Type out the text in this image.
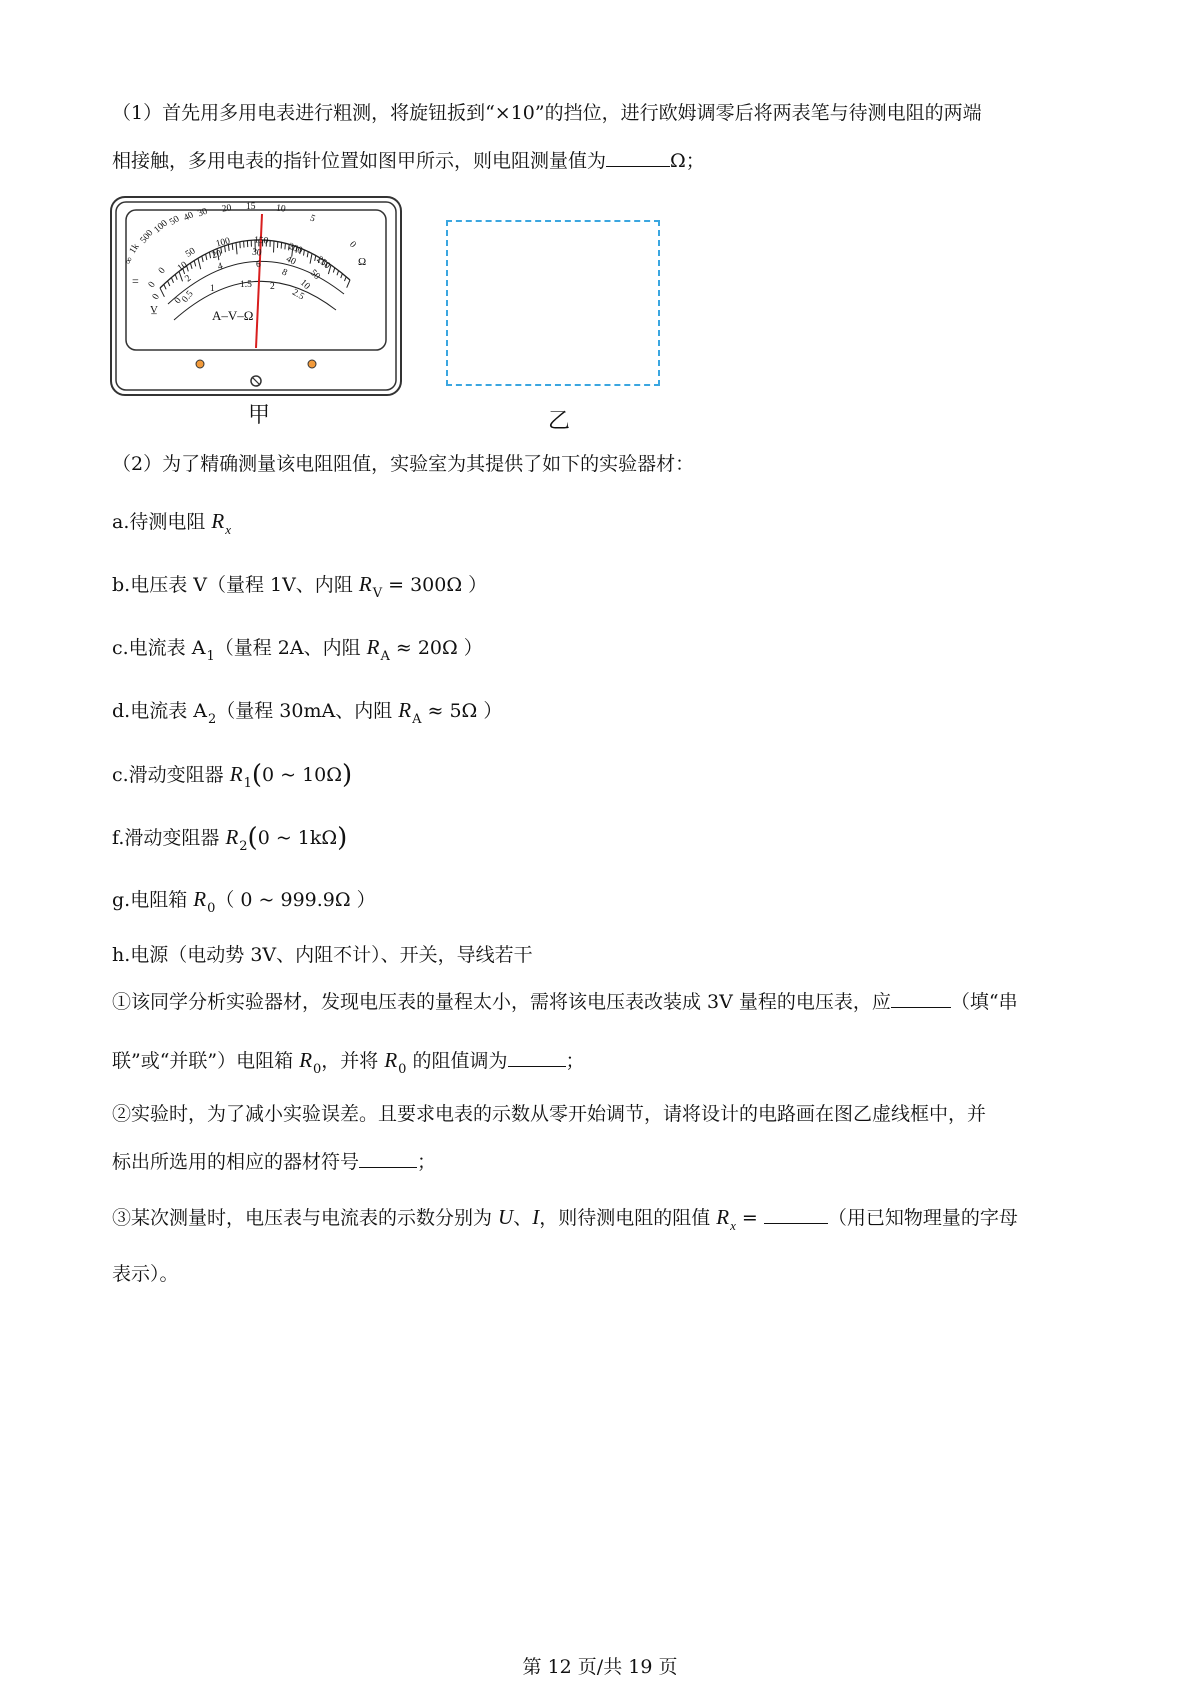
（1）首先用多用电表进行粗测，将旋钮扳到“×10”的挡位，进行欧姆调零后将两表笔与待测电阻的两端
相接触，多用电表的指针位置如图甲所示，则电阻测量值为	Ω；
∞
1k
500
100
50 40 30 20 15 10
5
0
Ω
0
50
100 150
200
250
0
10
20	30
40
50
0
2
4	6
8
10
0
0.5
1	1.5 2
2.5
=
V̲	A–V–Ω
甲	乙
（2）为了精确测量该电阻阻值，实验室为其提供了如下的实验器材：
a.待测电阻 $R_x$
b.电压表 V（量程 1V、内阻 $R_V = 300\Omega$ ）
c.电流表 $A_1$（量程 2A、内阻 $R_A \approx 20\Omega$ ）
d.电流表 $A_2$（量程 30mA、内阻 $R_A \approx 5\Omega$ ）
c.滑动变阻器 $R_1(0$ ~ 10Ω)
f.滑动变阻器 $R_2(0$ ~ 1kΩ)
g.电阻箱 $R_0$（ 0 ~ 999.9Ω ）
h.电源（电动势 3V、内阻不计）、开关，导线若干
①该同学分析实验器材，发现电压表的量程太小，需将该电压表改装成 3V 量程的电压表，应	（填“串
联”或“并联”）电阻箱 $R_0$，并将 $R_0$ 的阻值调为	；
②实验时，为了减小实验误差。且要求电表的示数从零开始调节，请将设计的电路画在图乙虚线框中，并
标出所选用的相应的器材符号	；
③某次测量时，电压表与电流表的示数分别为 U、I，则待测电阻的阻值 $R_x$ =	（用已知物理量的字母
表示）。
第 12 页/共 19 页
